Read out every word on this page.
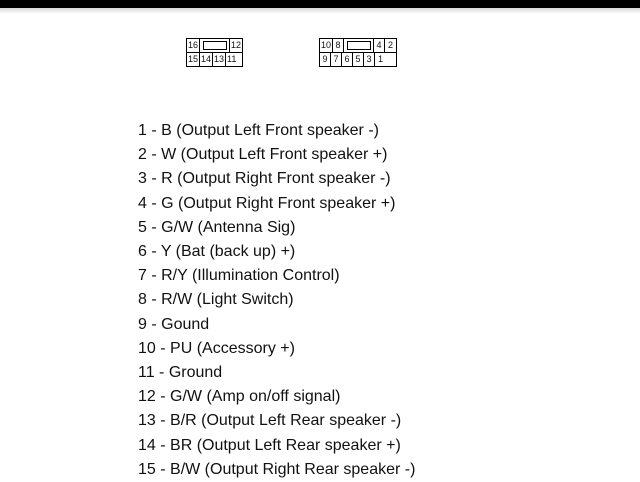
16	12
15 14 13 11
10 8	4 2
9 7 6 5 3 1
1 - B (Output Left Front speaker -)
2 - W (Output Left Front speaker +)
3 - R (Output Right Front speaker -)
4 - G (Output Right Front speaker +)
5 - G/W (Antenna Sig)
6 - Y (Bat (back up) +)
7 - R/Y (Illumination Control)
8 - R/W (Light Switch)
9 - Gound
10 - PU (Accessory +)
11 - Ground
12 - G/W (Amp on/off signal)
13 - B/R (Output Left Rear speaker -)
14 - BR (Output Left Rear speaker +)
15 - B/W (Output Right Rear speaker -)
